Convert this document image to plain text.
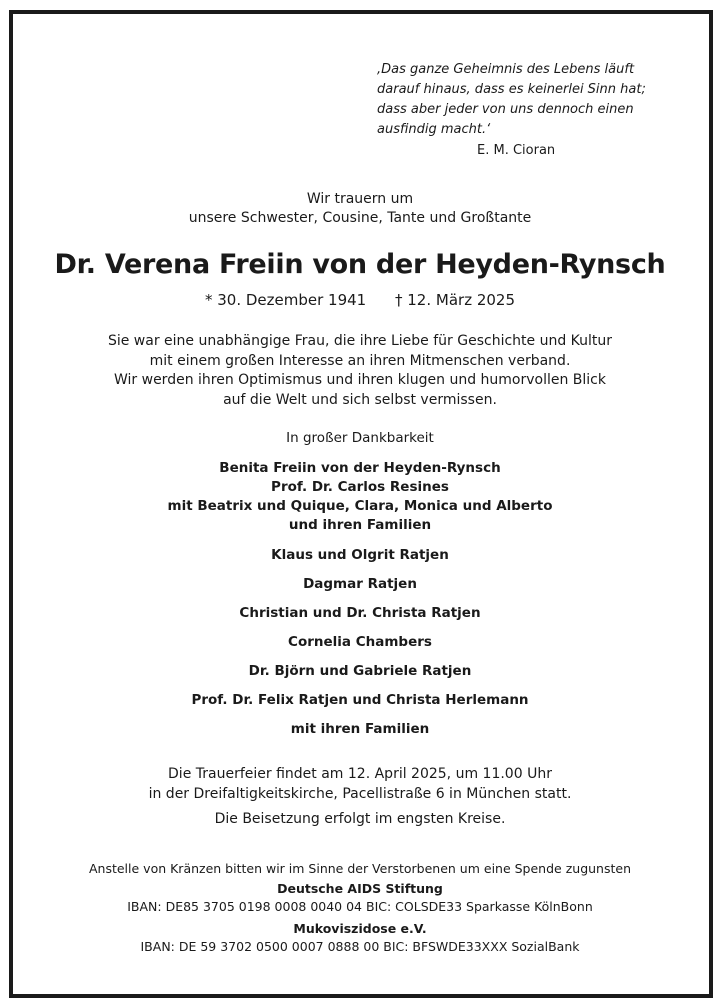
‚Das ganze Geheimnis des Lebens läuft
darauf hinaus, dass es keinerlei Sinn hat;
dass aber jeder von uns dennoch einen
ausfindig macht.‘
E. M. Cioran
Wir trauern um
unsere Schwester, Cousine, Tante und Großtante
Dr. Verena Freiin von der Heyden-Rynsch
* 30. Dezember 1941 † 12. März 2025
Sie war eine unabhängige Frau, die ihre Liebe für Geschichte und Kultur
mit einem großen Interesse an ihren Mitmenschen verband.
Wir werden ihren Optimismus und ihren klugen und humorvollen Blick
auf die Welt und sich selbst vermissen.
In großer Dankbarkeit
Benita Freiin von der Heyden-Rynsch
Prof. Dr. Carlos Resines
mit Beatrix und Quique, Clara, Monica und Alberto
und ihren Familien
Klaus und Olgrit Ratjen
Dagmar Ratjen
Christian und Dr. Christa Ratjen
Cornelia Chambers
Dr. Björn und Gabriele Ratjen
Prof. Dr. Felix Ratjen und Christa Herlemann
mit ihren Familien
Die Trauerfeier findet am 12. April 2025, um 11.00 Uhr
in der Dreifaltigkeitskirche, Pacellistraße 6 in München statt.
Die Beisetzung erfolgt im engsten Kreise.
Anstelle von Kränzen bitten wir im Sinne der Verstorbenen um eine Spende zugunsten
Deutsche AIDS Stiftung
IBAN: DE85 3705 0198 0008 0040 04 BIC: COLSDE33 Sparkasse KölnBonn
Mukoviszidose e.V.
IBAN: DE 59 3702 0500 0007 0888 00 BIC: BFSWDE33XXX SozialBank
